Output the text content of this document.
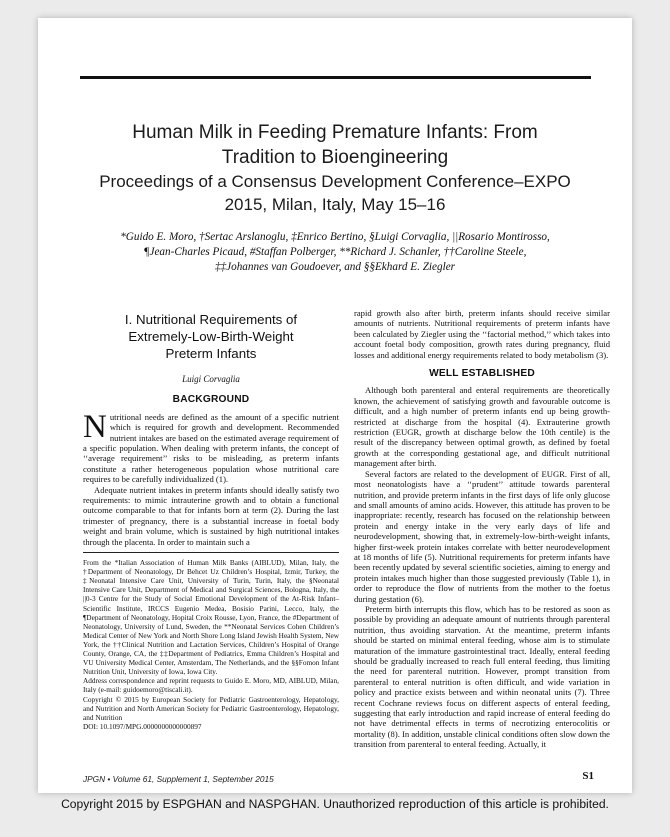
Human Milk in Feeding Premature Infants: From
Tradition to Bioengineering
Proceedings of a Consensus Development Conference–EXPO
2015, Milan, Italy, May 15–16
*Guido E. Moro, †Sertac Arslanoglu, ‡Enrico Bertino, §Luigi Corvaglia, ||Rosario Montirosso,
¶Jean-Charles Picaud, #Staffan Polberger, **Richard J. Schanler, ††Caroline Steele,
‡‡Johannes van Goudoever, and §§Ekhard E. Ziegler
I. Nutritional Requirements of
Extremely-Low-Birth-Weight
Preterm Infants
Luigi Corvaglia
BACKGROUND

Nutritional needs are defined as the amount of a specific nutrient which is required for growth and development. Recommended nutrient intakes are based on the estimated average requirement of a specific population. When dealing with preterm infants, the concept of ‘‘average requirement’’ risks to be misleading, as preterm infants constitute a rather heterogeneous population whose nutritional care requires to be carefully individualized (1).

Adequate nutrient intakes in preterm infants should ideally satisfy two requirements: to mimic intrauterine growth and to obtain a functional outcome comparable to that for infants born at term (2). During the last trimester of pregnancy, there is a substantial increase in foetal body weight and brain volume, which is sustained by high nutritional intakes through the placenta. In order to maintain such a

From the *Italian Association of Human Milk Banks (AIBLUD), Milan, Italy, the †Department of Neonatology, Dr Behcet Uz Children’s Hospital, Izmir, Turkey, the ‡Neonatal Intensive Care Unit, University of Turin, Turin, Italy, the §Neonatal Intensive Care Unit, Department of Medical and Surgical Sciences, Bologna, Italy, the ||0-3 Centre for the Study of Social Emotional Development of the At-Risk Infant–Scientific Institute, IRCCS Eugenio Medea, Bosisio Parini, Lecco, Italy, the ¶Department of Neonatology, Hopital Croix Rousse, Lyon, France, the #Department of Neonatology, University of Lund, Sweden, the **Neonatal Services Cohen Children’s Medical Center of New York and North Shore Long Island Jewish Health System, New York, the ††Clinical Nutrition and Lactation Services, Children’s Hospital of Orange County, Orange, CA, the ‡‡Department of Pediatrics, Emma Children’s Hospital and VU University Medical Center, Amsterdam, The Netherlands, and the §§Fomon Infant Nutrition Unit, University of Iowa, Iowa City.

Address correspondence and reprint requests to Guido E. Moro, MD, AIBLUD, Milan, Italy (e-mail: guidoemoro@tiscali.it).

Copyright © 2015 by European Society for Pediatric Gastroenterology, Hepatology, and Nutrition and North American Society for Pediatric Gastroenterology, Hepatology, and Nutrition

DOI: 10.1097/MPG.0000000000000897

rapid growth also after birth, preterm infants should receive similar amounts of nutrients. Nutritional requirements of preterm infants have been calculated by Ziegler using the ‘‘factorial method,’’ which takes into account foetal body composition, growth rates during pregnancy, fluid losses and additional energy requirements related to body metabolism (3).

WELL ESTABLISHED

Although both parenteral and enteral requirements are theoretically known, the achievement of satisfying growth and favourable outcome is difficult, and a high number of preterm infants end up being growth-restricted at discharge from the hospital (4). Extrauterine growth restriction (EUGR, growth at discharge below the 10th centile) is the result of the discrepancy between optimal growth, as defined by foetal growth at the corresponding gestational age, and difficult nutritional management after birth.

Several factors are related to the development of EUGR. First of all, most neonatologists have a ‘‘prudent’’ attitude towards parenteral nutrition, and provide preterm infants in the first days of life only glucose and small amounts of amino acids. However, this attitude has proven to be inappropriate: recently, research has focused on the relationship between protein and energy intake in the very early days of life and neurodevelopment, showing that, in extremely-low-birth-weight infants, higher first-week protein intakes correlate with better neurodevelopment at 18 months of life (5). Nutritional requirements for preterm infants have been recently updated by several scientific societies, aiming to energy and protein intakes much higher than those suggested previously (Table 1), in order to reproduce the flow of nutrients from the mother to the foetus during gestation (6).

Preterm birth interrupts this flow, which has to be restored as soon as possible by providing an adequate amount of nutrients through parenteral nutrition, thus avoiding starvation. At the meantime, preterm infants should be started on minimal enteral feeding, whose aim is to stimulate maturation of the immature gastrointestinal tract. Ideally, enteral feeding should be gradually increased to reach full enteral feeding, thus limiting the need for parenteral nutrition. However, prompt transition from parenteral to enteral nutrition is often difficult, and wide variation in policy and practice exists between and within neonatal units (7). Three recent Cochrane reviews focus on different aspects of enteral feeding, suggesting that early introduction and rapid increase of enteral feeding do not have detrimental effects in terms of necrotizing enterocolitis or mortality (8). In addition, unstable clinical conditions often slow down the transition from parenteral to enteral feeding. Actually, it

JPGN • Volume 61, Supplement 1, September 2015	S1
Copyright 2015 by ESPGHAN and NASPGHAN. Unauthorized reproduction of this article is prohibited.
